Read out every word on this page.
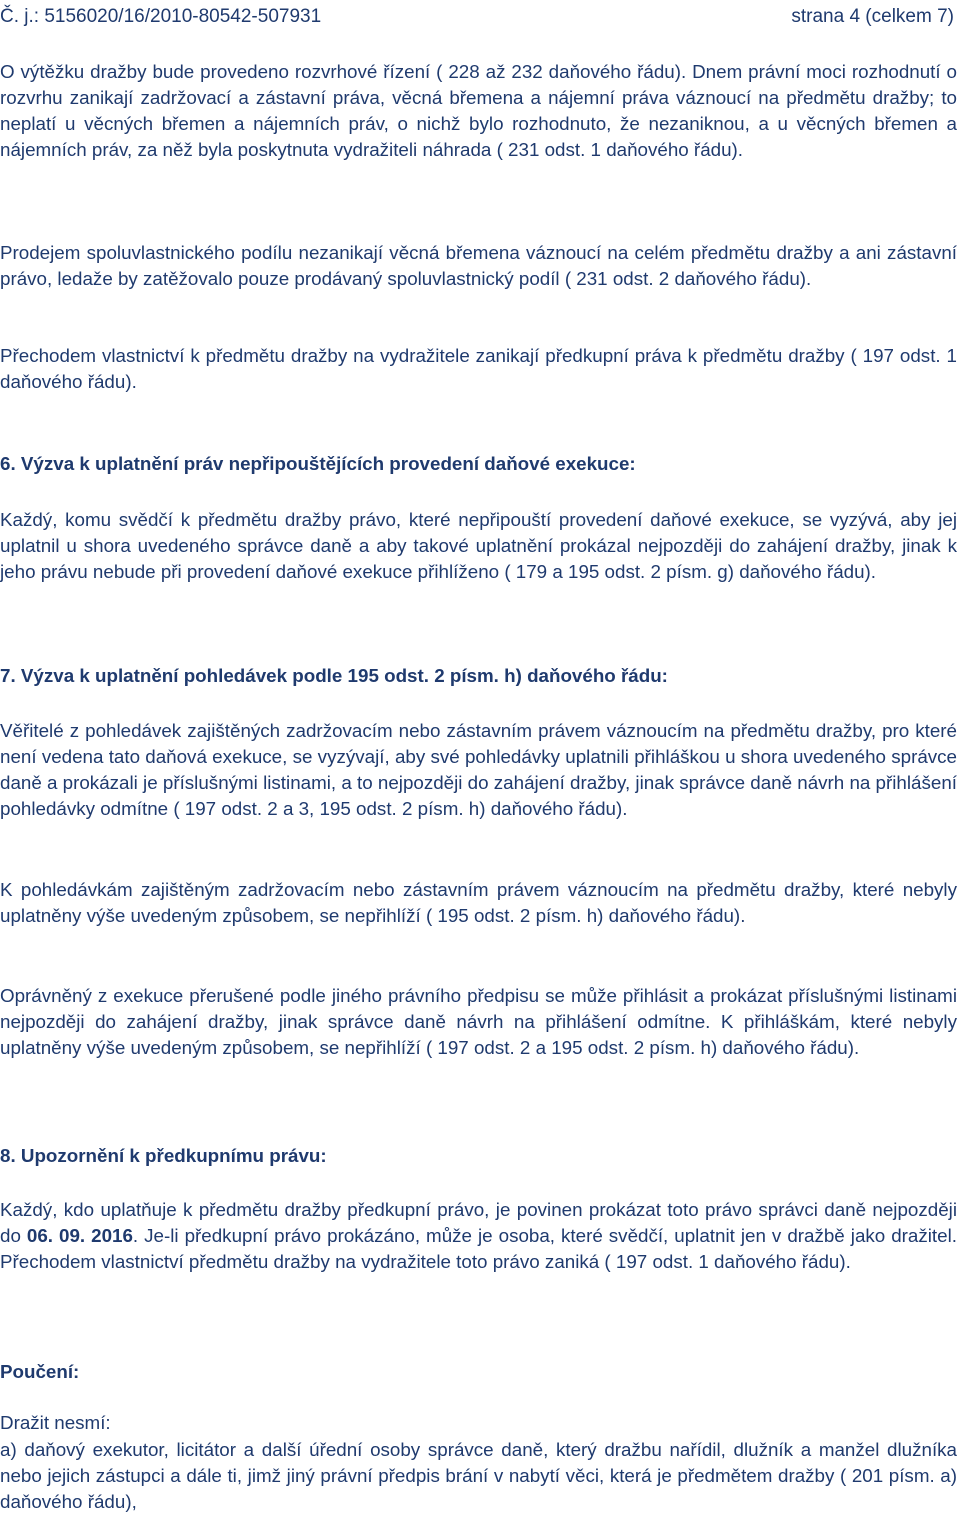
Č. j.: 5156020/16/2010-80542-507931	strana 4 (celkem 7)

O výtěžku dražby bude provedeno rozvrhové řízení ( 228 až 232 daňového řádu). Dnem právní moci rozhodnutí o rozvrhu zanikají zadržovací a zástavní práva, věcná břemena a nájemní práva váznoucí na předmětu dražby; to neplatí u věcných břemen a nájemních práv, o nichž bylo rozhodnuto, že nezaniknou, a u věcných břemen a nájemních práv, za něž byla poskytnuta vydražiteli náhrada ( 231 odst. 1 daňového řádu).

Prodejem spoluvlastnického podílu nezanikají věcná břemena váznoucí na celém předmětu dražby a ani zástavní právo, ledaže by zatěžovalo pouze prodávaný spoluvlastnický podíl ( 231 odst. 2 daňového řádu).

Přechodem vlastnictví k předmětu dražby na vydražitele zanikají předkupní práva k předmětu dražby ( 197 odst. 1 daňového řádu).

6. Výzva k uplatnění práv nepřipouštějících provedení daňové exekuce:

Každý, komu svědčí k předmětu dražby právo, které nepřipouští provedení daňové exekuce, se vyzývá, aby jej uplatnil u shora uvedeného správce daně a aby takové uplatnění prokázal nejpozději do zahájení dražby, jinak k jeho právu nebude při provedení daňové exekuce přihlíženo ( 179 a 195 odst. 2 písm. g) daňového řádu).

7. Výzva k uplatnění pohledávek podle 195 odst. 2 písm. h) daňového řádu:

Věřitelé z pohledávek zajištěných zadržovacím nebo zástavním právem váznoucím na předmětu dražby, pro které není vedena tato daňová exekuce, se vyzývají, aby své pohledávky uplatnili přihláškou u shora uvedeného správce daně a prokázali je příslušnými listinami, a to nejpozději do zahájení dražby, jinak správce daně návrh na přihlášení pohledávky odmítne ( 197 odst. 2 a 3, 195 odst. 2 písm. h) daňového řádu).

K pohledávkám zajištěným zadržovacím nebo zástavním právem váznoucím na předmětu dražby, které nebyly uplatněny výše uvedeným způsobem, se nepřihlíží ( 195 odst. 2 písm. h) daňového řádu).

Oprávněný z exekuce přerušené podle jiného právního předpisu se může přihlásit a prokázat příslušnými listinami nejpozději do zahájení dražby, jinak správce daně návrh na přihlášení odmítne. K přihláškám, které nebyly uplatněny výše uvedeným způsobem, se nepřihlíží ( 197 odst. 2 a 195 odst. 2 písm. h) daňového řádu).

8. Upozornění k předkupnímu právu:

Každý, kdo uplatňuje k předmětu dražby předkupní právo, je povinen prokázat toto právo správci daně nejpozději do 06. 09. 2016. Je-li předkupní právo prokázáno, může je osoba, které svědčí, uplatnit jen v dražbě jako dražitel. Přechodem vlastnictví předmětu dražby na vydražitele toto právo zaniká ( 197 odst. 1 daňového řádu).

Poučení:

Dražit nesmí:

a) daňový exekutor, licitátor a další úřední osoby správce daně, který dražbu nařídil, dlužník a manžel dlužníka nebo jejich zástupci a dále ti, jimž jiný právní předpis brání v nabytí věci, která je předmětem dražby ( 201 písm. a) daňového řádu),
